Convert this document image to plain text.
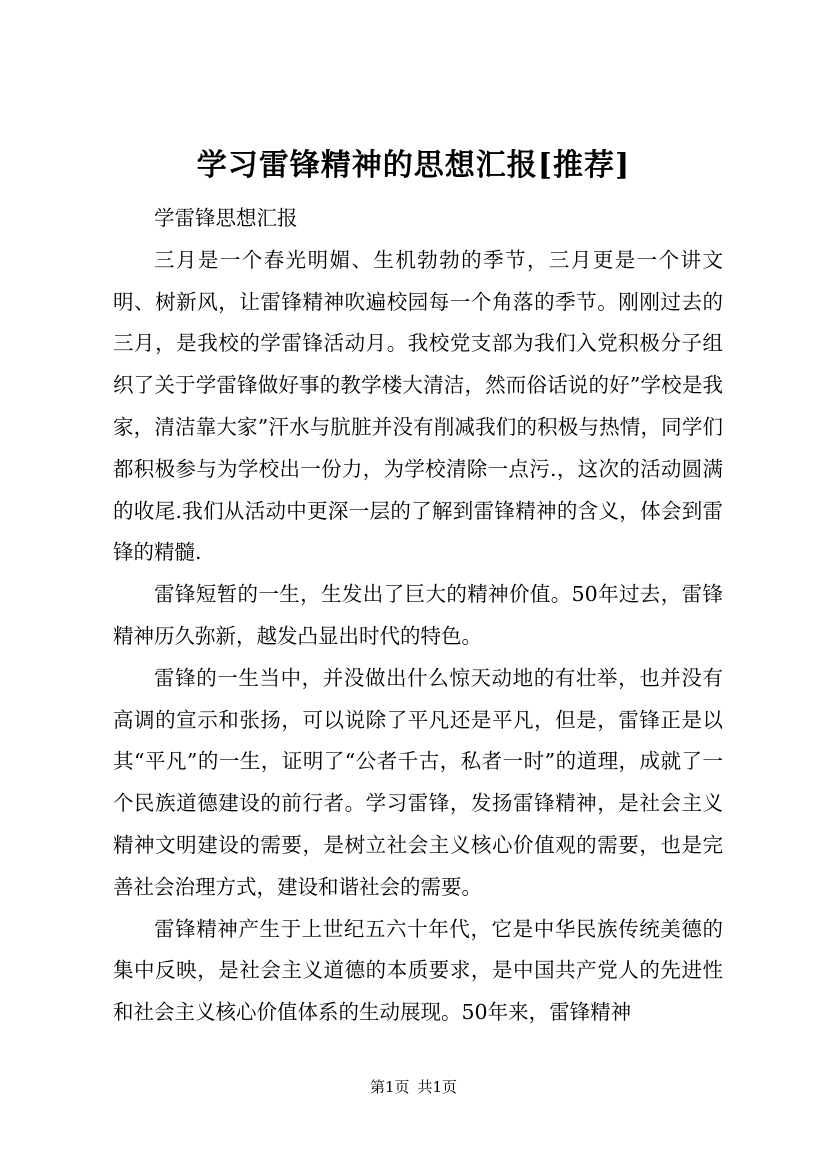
学习雷锋精神的思想汇报[推荐]

学雷锋思想汇报

三月是一个春光明媚、生机勃勃的季节，三月更是一个讲文明、树新风，让雷锋精神吹遍校园每一个角落的季节。刚刚过去的三月，是我校的学雷锋活动月。我校党支部为我们入党积极分子组织了关于学雷锋做好事的教学楼大清洁，然而俗话说的好”学校是我家，清洁靠大家”汗水与肮脏并没有削减我们的积极与热情，同学们都积极参与为学校出一份力，为学校清除一点污.，这次的活动圆满的收尾.我们从活动中更深一层的了解到雷锋精神的含义，体会到雷锋的精髓.

雷锋短暂的一生，生发出了巨大的精神价值。50年过去，雷锋精神历久弥新，越发凸显出时代的特色。

雷锋的一生当中，并没做出什么惊天动地的有壮举，也并没有高调的宣示和张扬，可以说除了平凡还是平凡，但是，雷锋正是以其“平凡”的一生，证明了“公者千古，私者一时”的道理，成就了一个民族道德建设的前行者。学习雷锋，发扬雷锋精神，是社会主义精神文明建设的需要，是树立社会主义核心价值观的需要，也是完善社会治理方式，建设和谐社会的需要。

雷锋精神产生于上世纪五六十年代，它是中华民族传统美德的集中反映，是社会主义道德的本质要求，是中国共产党人的先进性和社会主义核心价值体系的生动展现。50年来，雷锋精神

第1页 共1页
